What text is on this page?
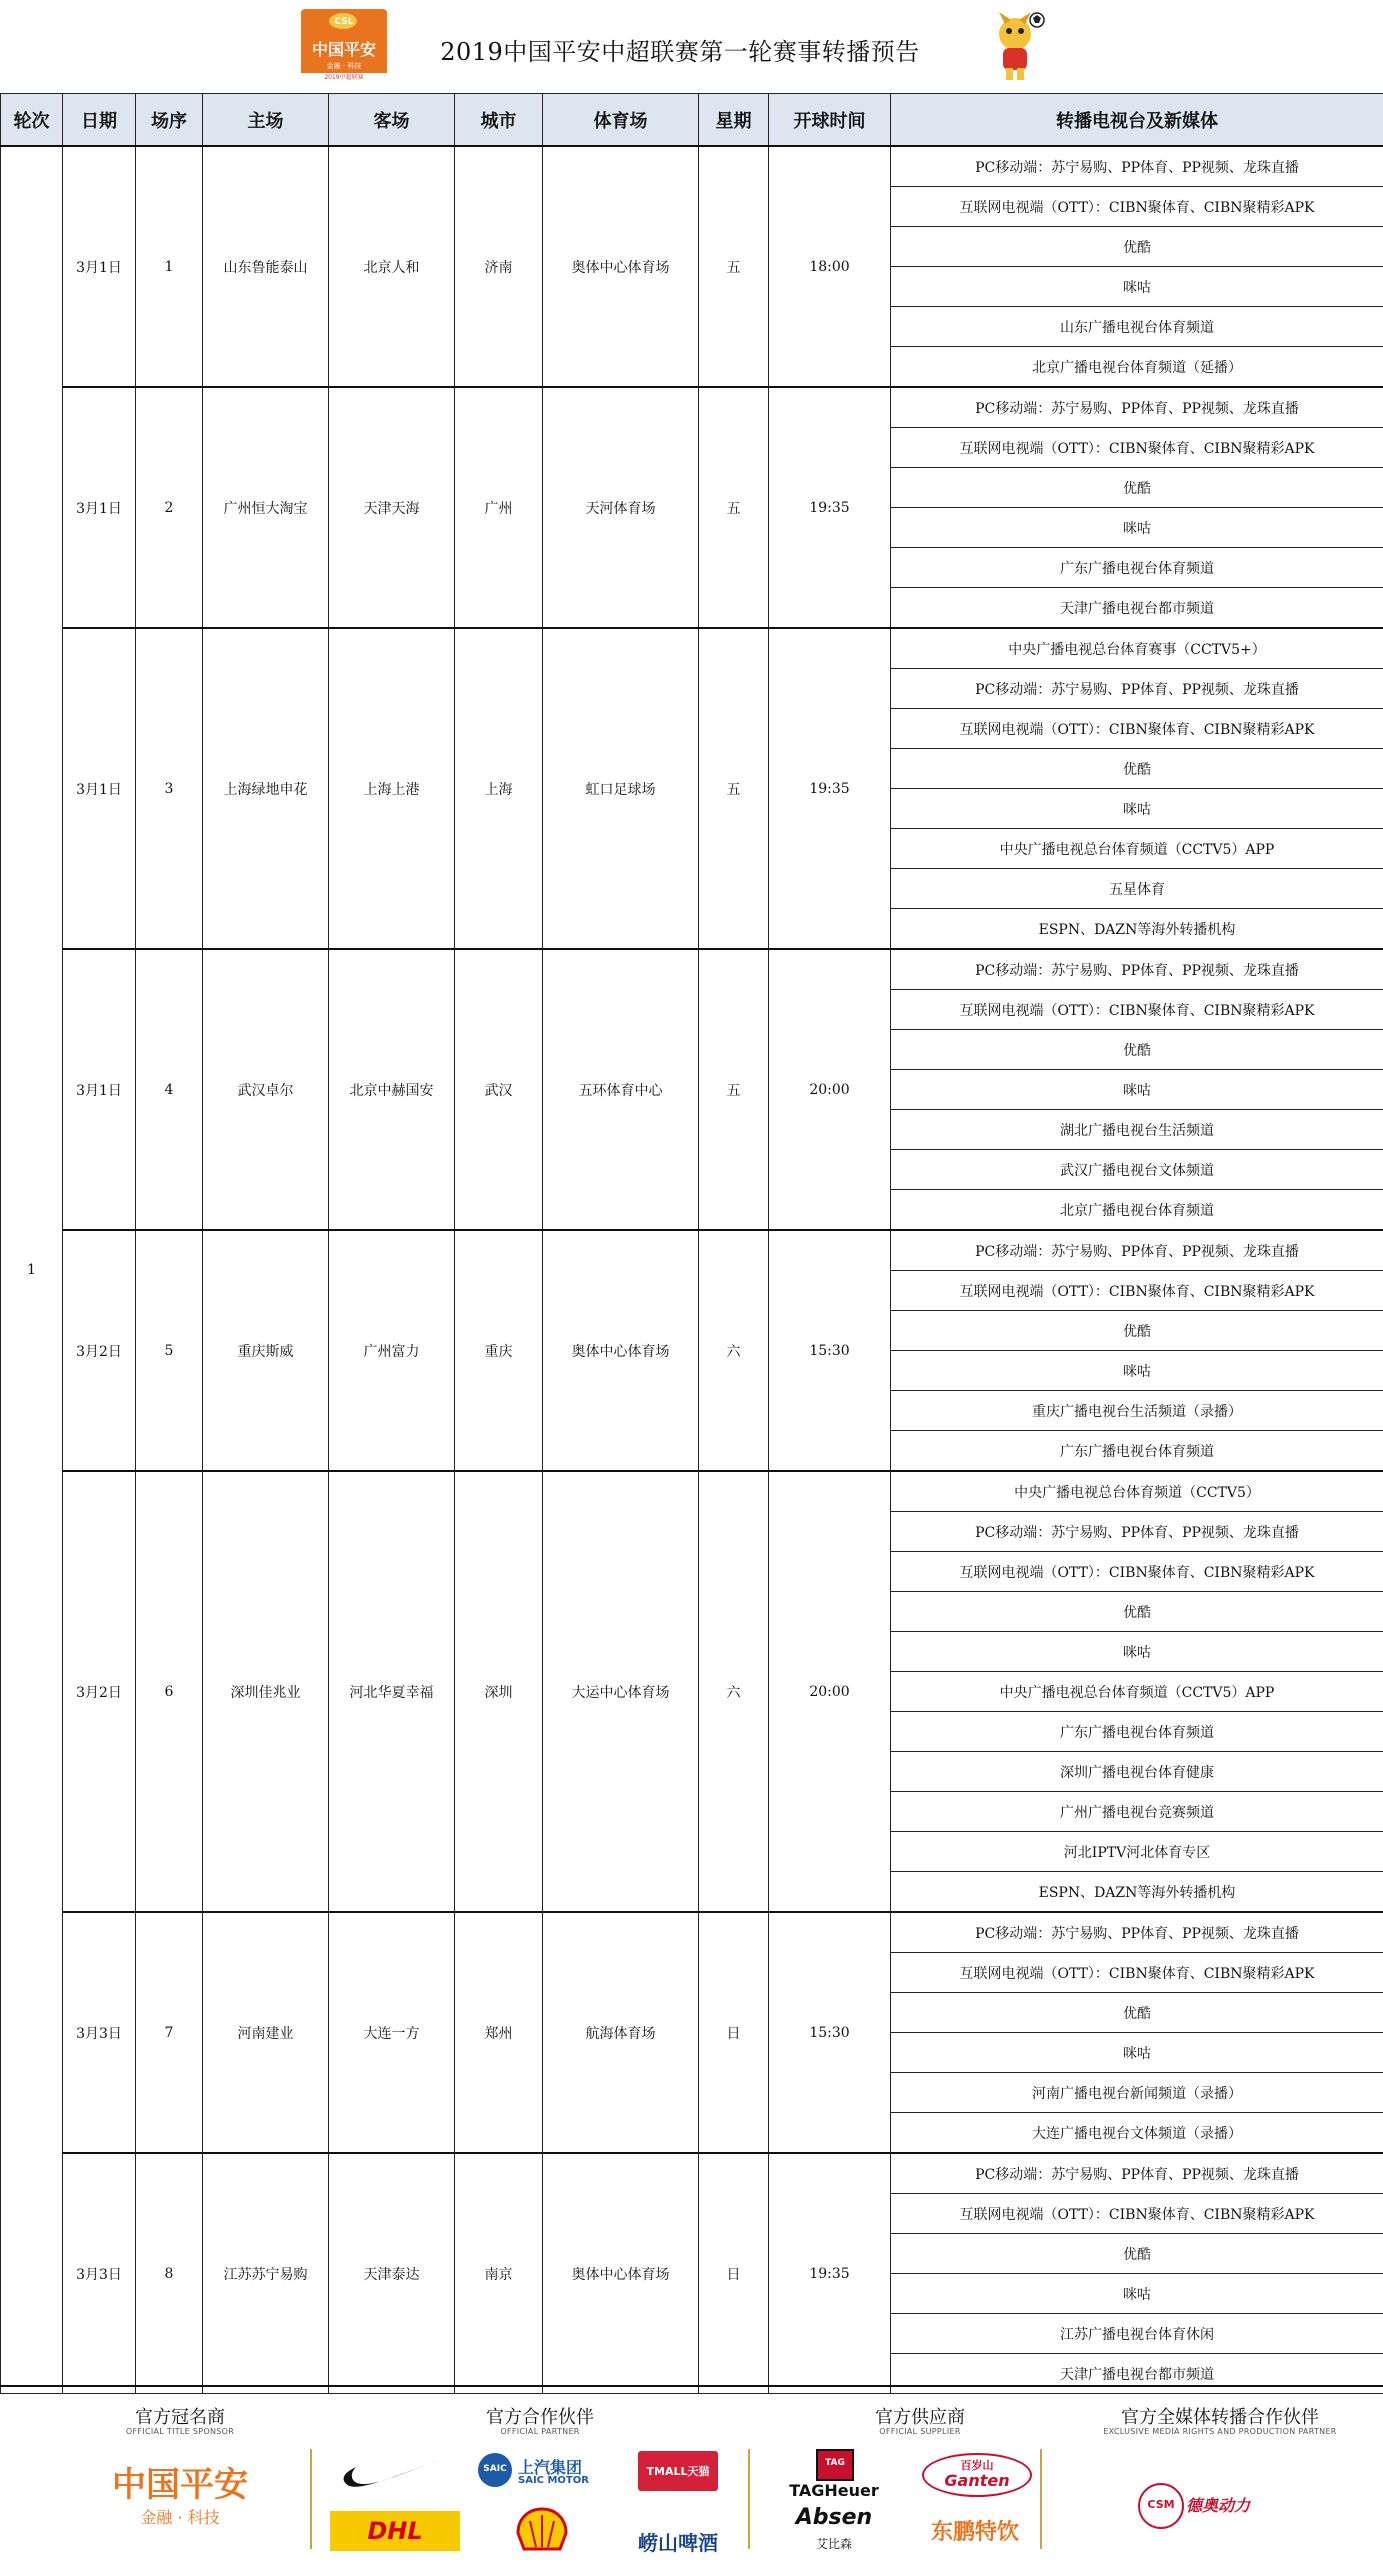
CSL
中国平安
金融 · 科技
2019中超联赛
2019中国平安中超联赛第一轮赛事转播预告
轮次	日期	场序	主场	客场	城市	体育场	星期	开球时间	转播电视台及新媒体
1	3月1日	1	山东鲁能泰山	北京人和	济南	奥体中心体育场	五	18:00	PC移动端：苏宁易购、PP体育、PP视频、龙珠直播
									互联网电视端（OTT）：CIBN聚体育、CIBN聚精彩APK
									优酷
									咪咕
									山东广播电视台体育频道
									北京广播电视台体育频道（延播）
	3月1日	2	广州恒大淘宝	天津天海	广州	天河体育场	五	19:35	PC移动端：苏宁易购、PP体育、PP视频、龙珠直播
									互联网电视端（OTT）：CIBN聚体育、CIBN聚精彩APK
									优酷
									咪咕
									广东广播电视台体育频道
									天津广播电视台都市频道
	3月1日	3	上海绿地申花	上海上港	上海	虹口足球场	五	19:35	中央广播电视总台体育赛事（CCTV5+）
									PC移动端：苏宁易购、PP体育、PP视频、龙珠直播
									互联网电视端（OTT）：CIBN聚体育、CIBN聚精彩APK
									优酷
									咪咕
									中央广播电视总台体育频道（CCTV5）APP
									五星体育
									ESPN、DAZN等海外转播机构
	3月1日	4	武汉卓尔	北京中赫国安	武汉	五环体育中心	五	20:00	PC移动端：苏宁易购、PP体育、PP视频、龙珠直播
									互联网电视端（OTT）：CIBN聚体育、CIBN聚精彩APK
									优酷
									咪咕
									湖北广播电视台生活频道
									武汉广播电视台文体频道
									北京广播电视台体育频道
	3月2日	5	重庆斯威	广州富力	重庆	奥体中心体育场	六	15:30	PC移动端：苏宁易购、PP体育、PP视频、龙珠直播
									互联网电视端（OTT）：CIBN聚体育、CIBN聚精彩APK
									优酷
									咪咕
									重庆广播电视台生活频道（录播）
									广东广播电视台体育频道
	3月2日	6	深圳佳兆业	河北华夏幸福	深圳	大运中心体育场	六	20:00	中央广播电视总台体育频道（CCTV5）
									PC移动端：苏宁易购、PP体育、PP视频、龙珠直播
									互联网电视端（OTT）：CIBN聚体育、CIBN聚精彩APK
									优酷
									咪咕
									中央广播电视总台体育频道（CCTV5）APP
									广东广播电视台体育频道
									深圳广播电视台体育健康
									广州广播电视台竞赛频道
									河北IPTV河北体育专区
									ESPN、DAZN等海外转播机构
	3月3日	7	河南建业	大连一方	郑州	航海体育场	日	15:30	PC移动端：苏宁易购、PP体育、PP视频、龙珠直播
									互联网电视端（OTT）：CIBN聚体育、CIBN聚精彩APK
									优酷
									咪咕
									河南广播电视台新闻频道（录播）
									大连广播电视台文体频道（录播）
	3月3日	8	江苏苏宁易购	天津泰达	南京	奥体中心体育场	日	19:35	PC移动端：苏宁易购、PP体育、PP视频、龙珠直播
									互联网电视端（OTT）：CIBN聚体育、CIBN聚精彩APK
									优酷
									咪咕
									江苏广播电视台体育休闲
									天津广播电视台都市频道
官方冠名商
OFFICIAL TITLE SPONSOR
官方合作伙伴
OFFICIAL PARTNER
官方供应商
OFFICIAL SUPPLIER
官方全媒体转播合作伙伴
EXCLUSIVE MEDIA RIGHTS AND PRODUCTION PARTNER
中国平安
金融 · 科技	DHL
SAIC 上汽集团
SAIC MOTOR
TMALL天猫
崂山啤酒
TAG
TAGHeuer
Absen
艾比森
百岁山
Ganten
东鹏特饮
CSM 德奥动力
